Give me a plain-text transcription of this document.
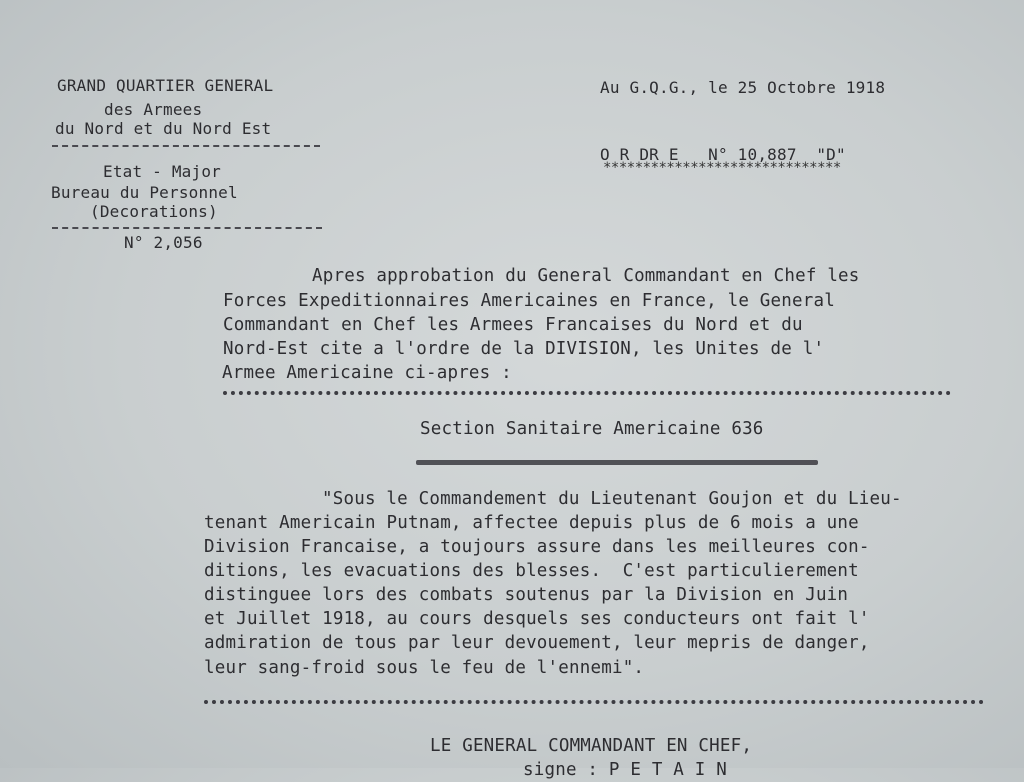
GRAND QUARTIER GENERAL
des Armees
du Nord et du Nord Est
Etat - Major
Bureau du Personnel
(Decorations)
N° 2,056
Au G.Q.G., le 25 Octobre 1918
O R DR E   N° 10,887  "D"
******************************
Apres approbation du General Commandant en Chef les
Forces Expeditionnaires Americaines en France, le General
Commandant en Chef les Armees Francaises du Nord et du
Nord-Est cite a l'ordre de la DIVISION, les Unites de l'
Armee Americaine ci-apres :
Section Sanitaire Americaine 636
"Sous le Commandement du Lieutenant Goujon et du Lieu-
tenant Americain Putnam, affectee depuis plus de 6 mois a une
Division Francaise, a toujours assure dans les meilleures con-
ditions, les evacuations des blesses.  C'est particulierement
distinguee lors des combats soutenus par la Division en Juin
et Juillet 1918, au cours desquels ses conducteurs ont fait l'
admiration de tous par leur devouement, leur mepris de danger,
leur sang-froid sous le feu de l'ennemi".
LE GENERAL COMMANDANT EN CHEF,
signe : P E T A I N
